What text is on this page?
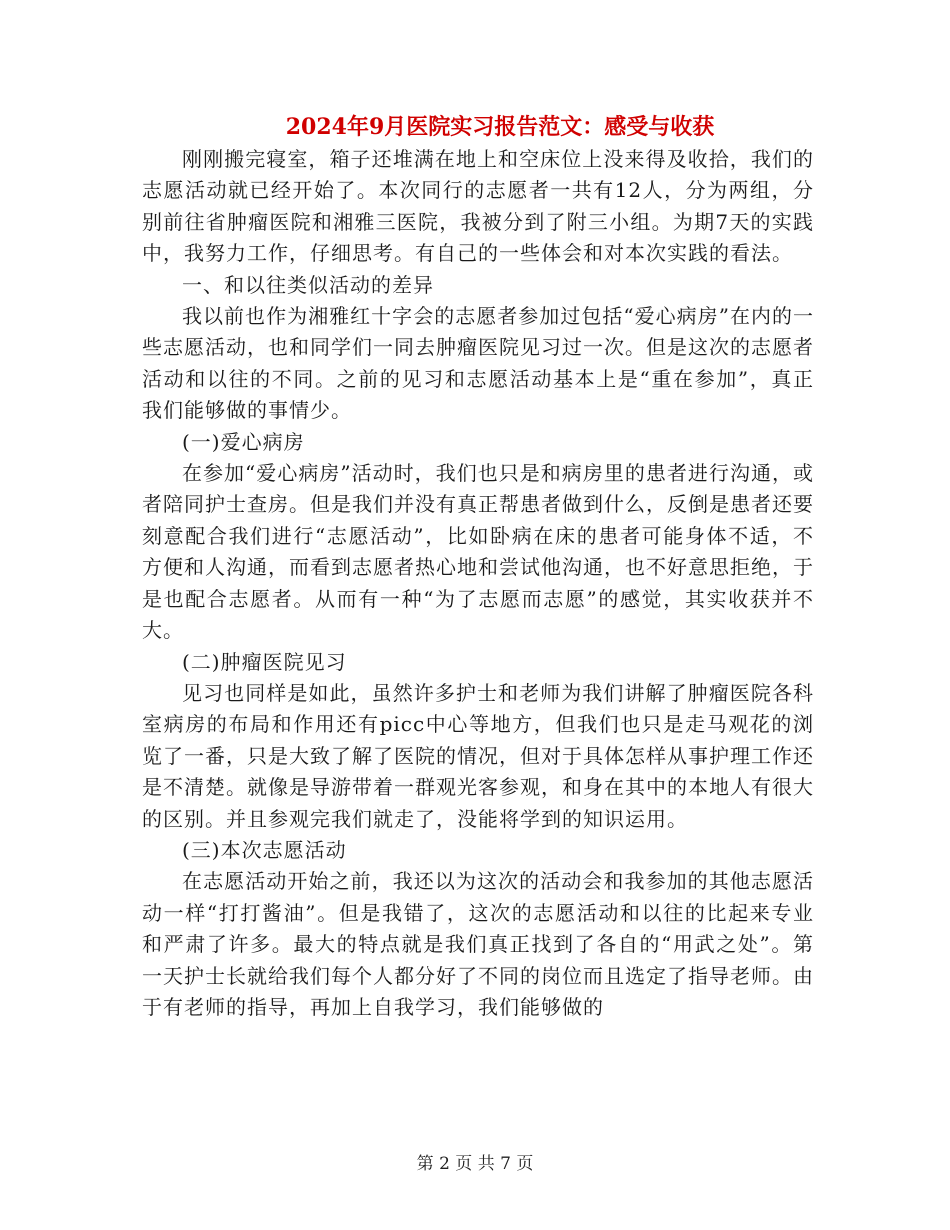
2024年9月医院实习报告范文：感受与收获

刚刚搬完寝室，箱子还堆满在地上和空床位上没来得及收拾，我们的志愿活动就已经开始了。本次同行的志愿者一共有12人，分为两组，分别前往省肿瘤医院和湘雅三医院，我被分到了附三小组。为期7天的实践中，我努力工作，仔细思考。有自己的一些体会和对本次实践的看法。

一、和以往类似活动的差异

我以前也作为湘雅红十字会的志愿者参加过包括“爱心病房”在内的一些志愿活动，也和同学们一同去肿瘤医院见习过一次。但是这次的志愿者活动和以往的不同。之前的见习和志愿活动基本上是“重在参加”，真正我们能够做的事情少。

(一)爱心病房

在参加“爱心病房”活动时，我们也只是和病房里的患者进行沟通，或者陪同护士查房。但是我们并没有真正帮患者做到什么，反倒是患者还要刻意配合我们进行“志愿活动”，比如卧病在床的患者可能身体不适，不方便和人沟通，而看到志愿者热心地和尝试他沟通，也不好意思拒绝，于是也配合志愿者。从而有一种“为了志愿而志愿”的感觉，其实收获并不大。

(二)肿瘤医院见习

见习也同样是如此，虽然许多护士和老师为我们讲解了肿瘤医院各科室病房的布局和作用还有picc中心等地方，但我们也只是走马观花的浏览了一番，只是大致了解了医院的情况，但对于具体怎样从事护理工作还是不清楚。就像是导游带着一群观光客参观，和身在其中的本地人有很大的区别。并且参观完我们就走了，没能将学到的知识运用。

(三)本次志愿活动

在志愿活动开始之前，我还以为这次的活动会和我参加的其他志愿活动一样“打打酱油”。但是我错了，这次的志愿活动和以往的比起来专业和严肃了许多。最大的特点就是我们真正找到了各自的“用武之处”。第一天护士长就给我们每个人都分好了不同的岗位而且选定了指导老师。由于有老师的指导，再加上自我学习，我们能够做的

第 2 页 共 7 页
